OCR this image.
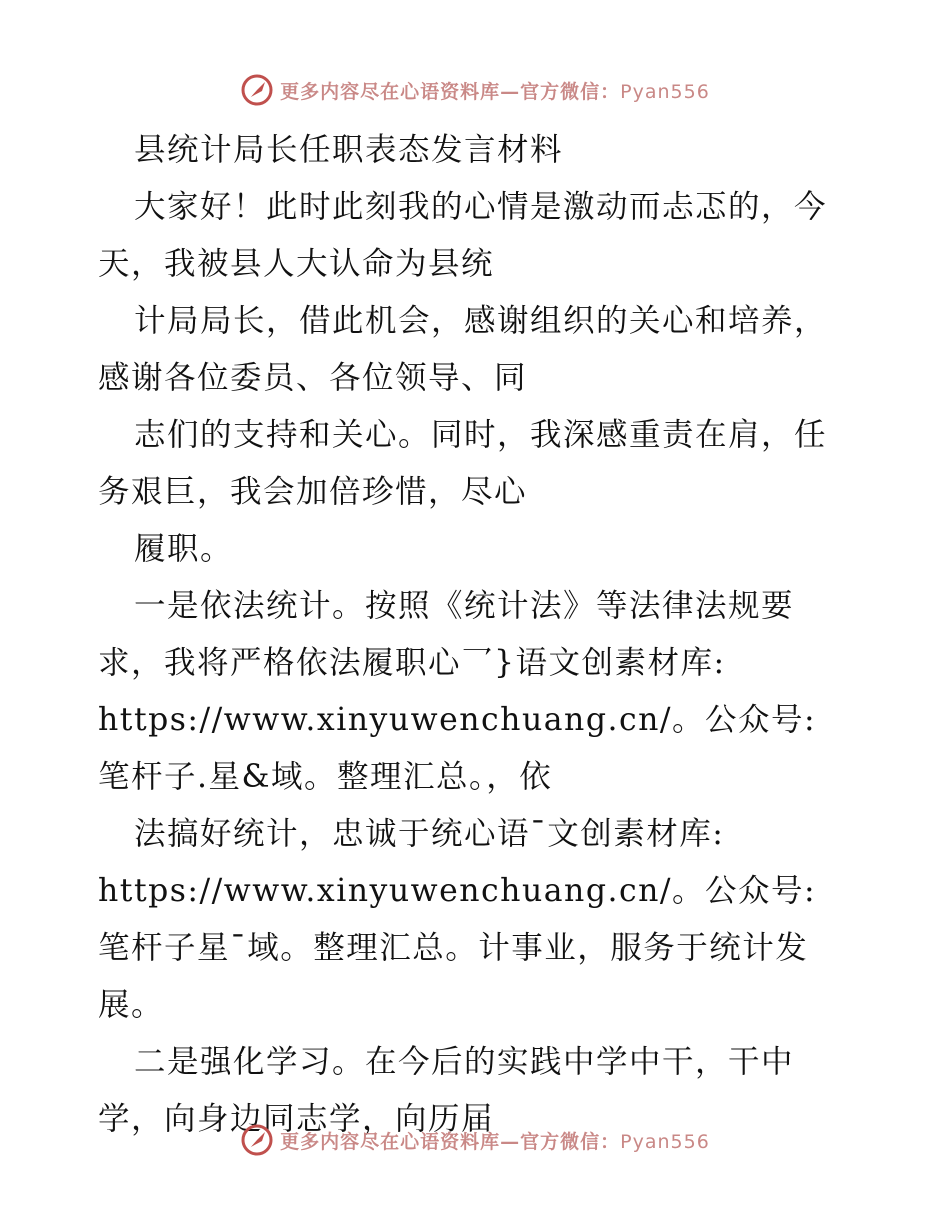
更多内容尽在心语资料库—官方微信：Pyan556

县统计局长任职表态发言材料

大家好！此时此刻我的心情是激动而忐忑的，今天，我被县人大认命为县统

计局局长，借此机会，感谢组织的关心和培养，感谢各位委员、各位领导、同

志们的支持和关心。同时，我深感重责在肩，任务艰巨，我会加倍珍惜，尽心

履职。

一是依法统计。按照《统计法》等法律法规要求，我将严格依法履职心乛}语文创素材库:

https://www.xinyuwenchuang.cn/。公众号: 笔杆子.星&域。整理汇总。，依

法搞好统计，忠诚于统心语¯文创素材库:

https://www.xinyuwenchuang.cn/。公众号: 笔杆子星¯域。整理汇总。计事业，服务于统计发展。

二是强化学习。在今后的实践中学中干，干中学，向身边同志学，向历届

更多内容尽在心语资料库—官方微信：Pyan556
